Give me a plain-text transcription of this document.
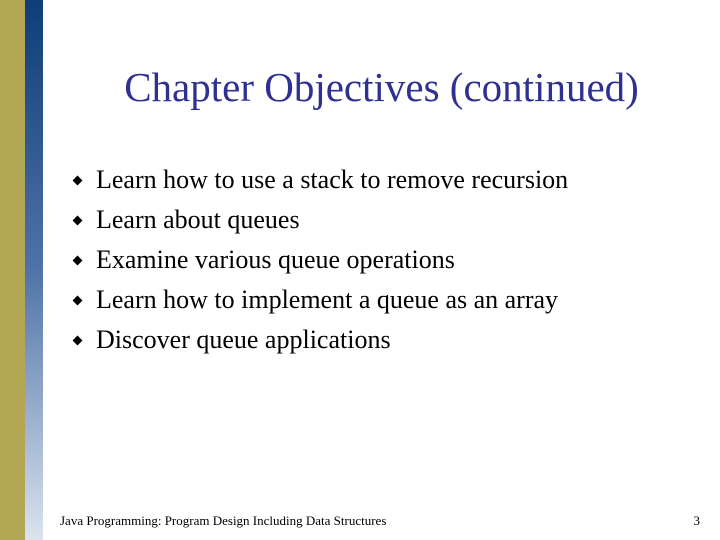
Chapter Objectives (continued)
Learn how to use a stack to remove recursion
Learn about queues
Examine various queue operations
Learn how to implement a queue as an array
Discover queue applications
Java Programming: Program Design Including Data Structures	3
